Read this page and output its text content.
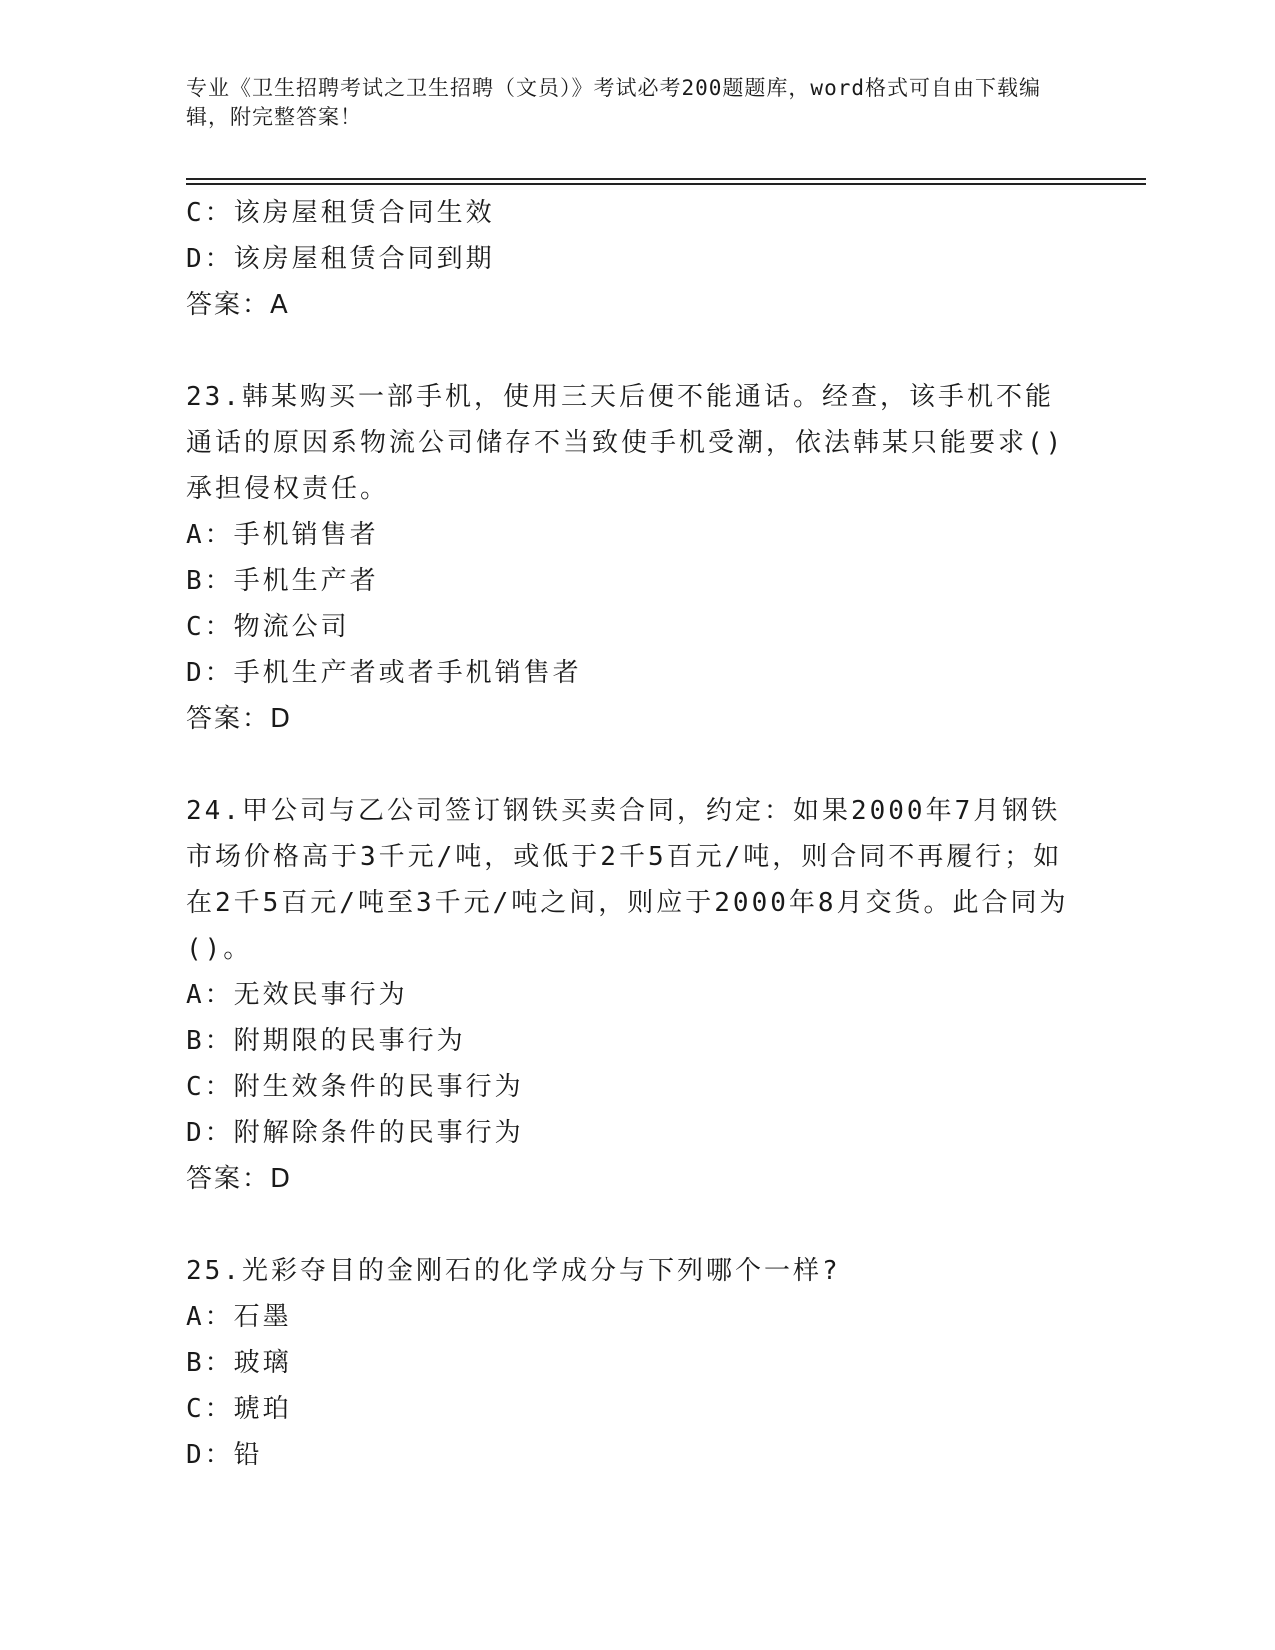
专业《卫生招聘考试之卫生招聘（文员）》考试必考200题题库，word格式可自由下载编辑，附完整答案！
C：该房屋租赁合同生效
D：该房屋租赁合同到期
答案：A
23.韩某购买一部手机，使用三天后便不能通话。经查，该手机不能通话的原因系物流公司储存不当致使手机受潮，依法韩某只能要求()承担侵权责任。
A：手机销售者
B：手机生产者
C：物流公司
D：手机生产者或者手机销售者
答案：D
24.甲公司与乙公司签订钢铁买卖合同，约定：如果2000年7月钢铁市场价格高于3千元/吨，或低于2千5百元/吨，则合同不再履行；如在2千5百元/吨至3千元/吨之间，则应于2000年8月交货。此合同为()。
A：无效民事行为
B：附期限的民事行为
C：附生效条件的民事行为
D：附解除条件的民事行为
答案：D
25.光彩夺目的金刚石的化学成分与下列哪个一样?
A：石墨
B：玻璃
C：琥珀
D：铅
